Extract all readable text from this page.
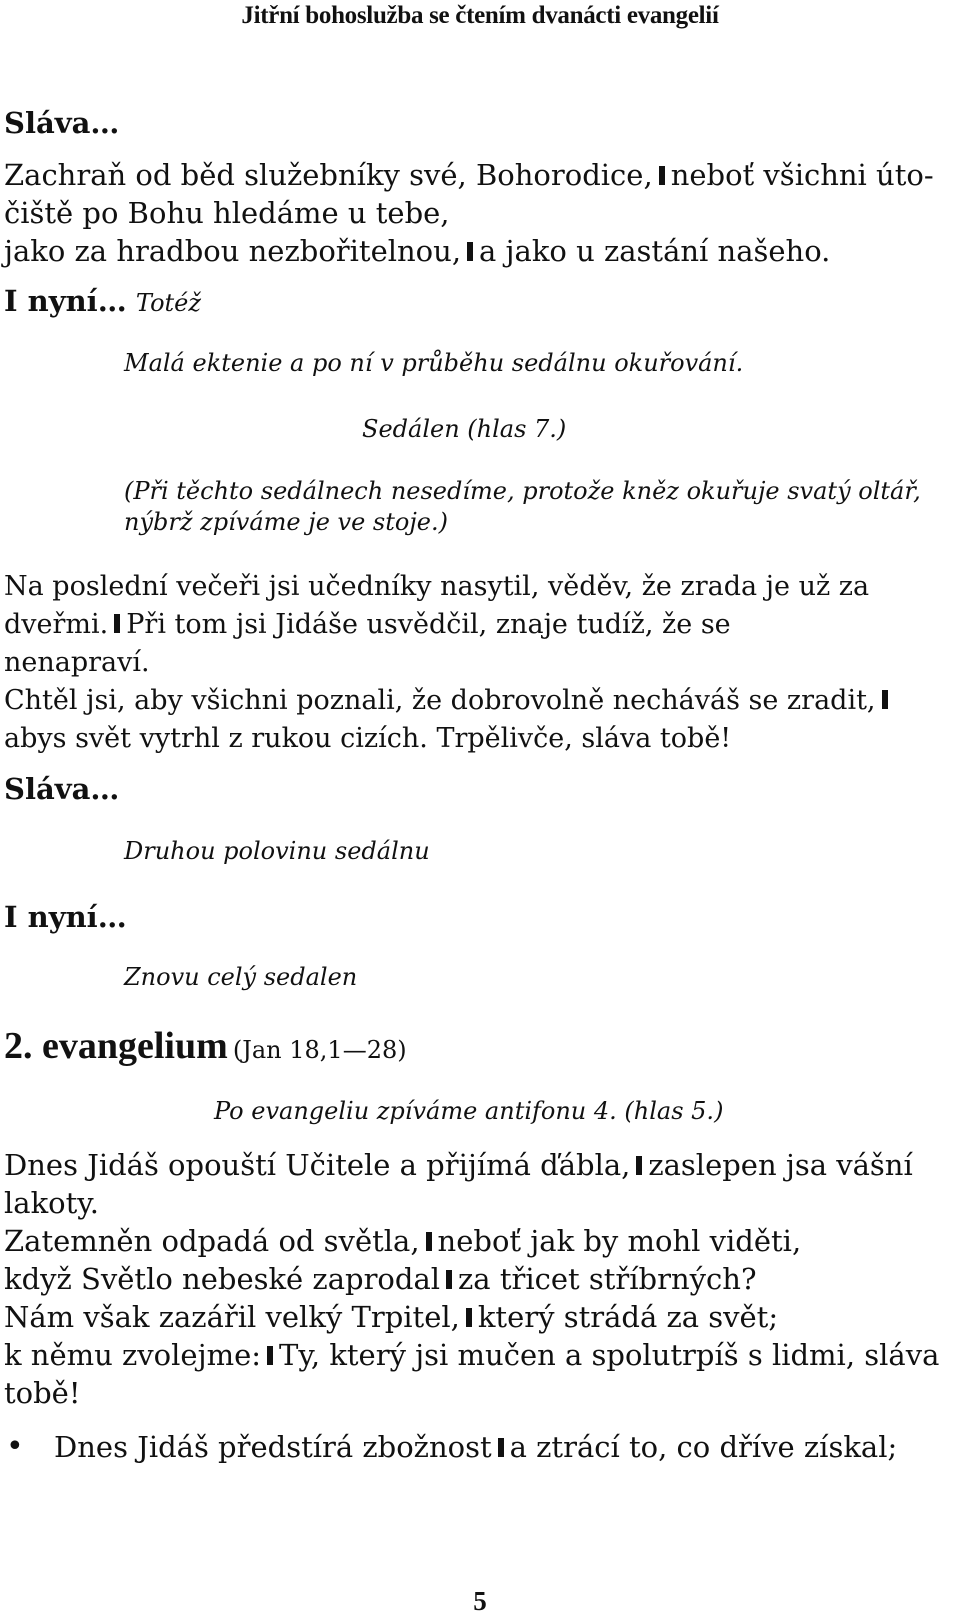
Jitřní bohoslužba se čtením dvanácti evangelií
Sláva…
Zachraň od běd služebníky své, Bohorodice, neboť všichni úto-
čiště po Bohu hledáme u tebe,
jako za hradbou nezbořitelnou, a jako u zastání našeho.
I nyní… Totéž
Malá ektenie a po ní v průběhu sedálnu okuřování.
Sedálen (hlas 7.)
(Při těchto sedálnech nesedíme, protože kněz okuřuje svatý oltář,
nýbrž zpíváme je ve stoje.)
Na poslední večeři jsi učedníky nasytil, věděv, že zrada je už za
dveřmi. Při tom jsi Jidáše usvědčil, znaje tudíž, že se
nenapraví.
Chtěl jsi, aby všichni poznali, že dobrovolně necháváš se zradit,
abys svět vytrhl z rukou cizích. Trpělivče, sláva tobě!
Sláva…
Druhou polovinu sedálnu
I nyní…
Znovu celý sedalen
2. evangelium (Jan 18,1—28)
Po evangeliu zpíváme antifonu 4. (hlas 5.)
Dnes Jidáš opouští Učitele a přijímá ďábla, zaslepen jsa vášní
lakoty.
Zatemněn odpadá od světla, neboť jak by mohl viděti,
když Světlo nebeské zaprodal za třicet stříbrných?
Nám však zazářil velký Trpitel, který strádá za svět;
k němu zvolejme: Ty, který jsi mučen a spolutrpíš s lidmi, sláva
tobě!
•	Dnes Jidáš předstírá zbožnost a ztrácí to, co dříve získal;
5
